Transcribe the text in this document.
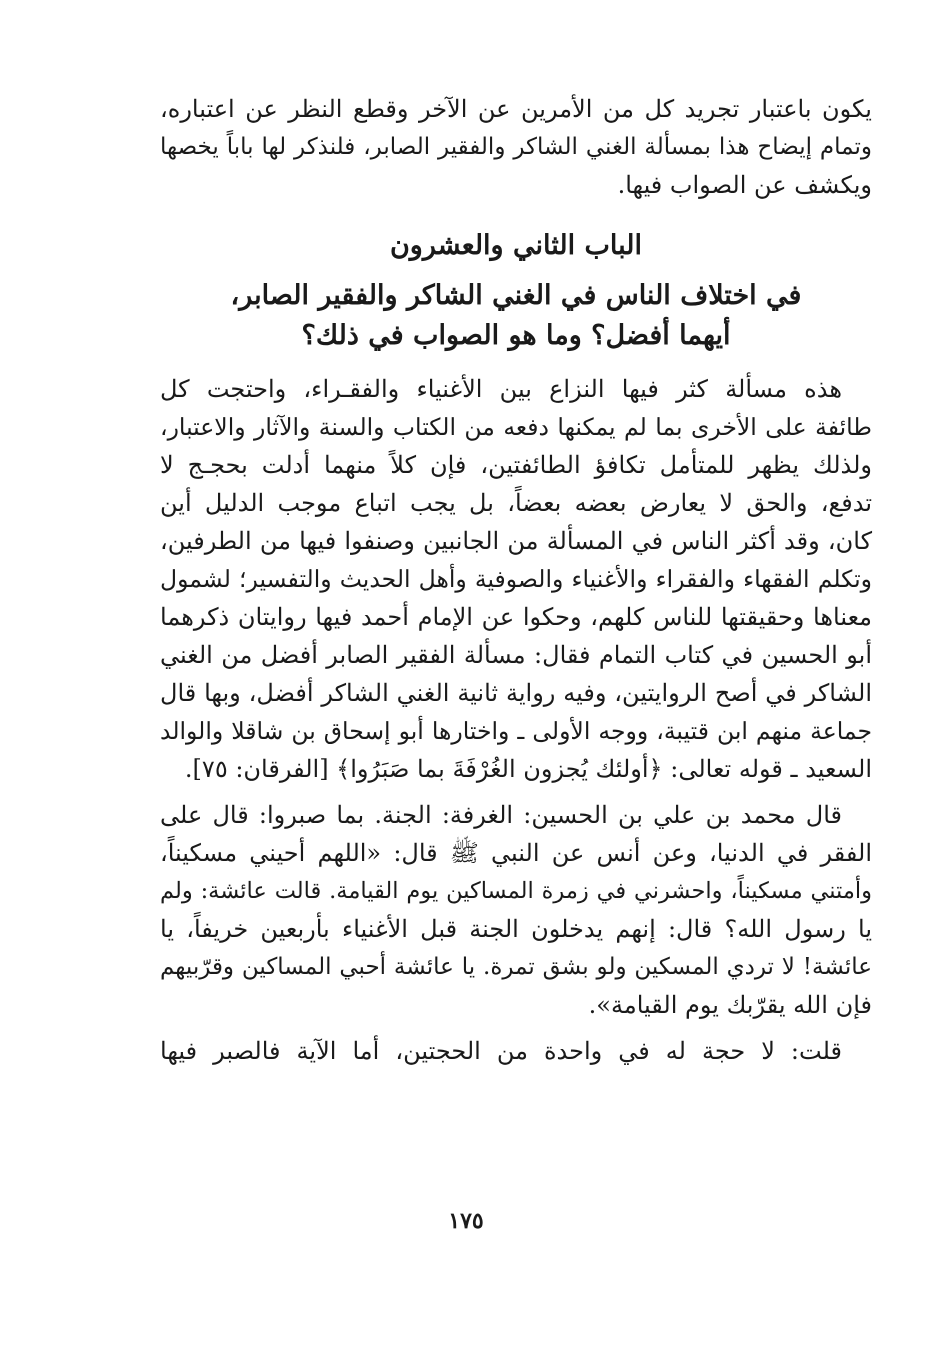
يكون باعتبار تجريد كل من الأمرين عن الآخر وقطع النظر عن اعتباره،
وتمام إيضاح هذا بمسألة الغني الشاكر والفقير الصابر، فلنذكر لها باباً يخصها
ويكشف عن الصواب فيها.
الباب الثاني والعشرون
في اختلاف الناس في الغني الشاكر والفقير الصابر،
أيهما أفضل؟ وما هو الصواب في ذلك؟
هذه مسألة كثر فيها النزاع بين الأغنياء والفقـراء، واحتجت كل
طائفة على الأخرى بما لم يمكنها دفعه من الكتاب والسنة والآثار والاعتبار،
ولذلك يظهر للمتأمل تكافؤ الطائفتين، فإن كلاً منهما أدلت بحجـج لا
تدفع، والحق لا يعارض بعضه بعضاً، بل يجب اتباع موجب الدليل أين
كان، وقد أكثر الناس في المسألة من الجانبين وصنفوا فيها من الطرفين،
وتكلم الفقهاء والفقراء والأغنياء والصوفية وأهل الحديث والتفسير؛ لشمول
معناها وحقيقتها للناس كلهم، وحكوا عن الإمام أحمد فيها روايتان ذكرهما
أبو الحسين في كتاب التمام فقال: مسألة الفقير الصابر أفضل من الغني
الشاكر في أصح الروايتين، وفيه رواية ثانية الغني الشاكر أفضل، وبها قال
جماعة منهم ابن قتيبة، ووجه الأولى ـ واختارها أبو إسحاق بن شاقلا والوالد
السعيد ـ قوله تعالى: ﴿أولئك يُجزون الغُرْفَةَ بما صَبَرُوا﴾ [الفرقان: ٧٥].
قال محمد بن علي بن الحسين: الغرفة: الجنة. بما صبروا: قال على
الفقر في الدنيا، وعن أنس عن النبي ﷺ قال: «اللهم أحيني مسكيناً،
وأمتني مسكيناً، واحشرني في زمرة المساكين يوم القيامة. قالت عائشة: ولم
يا رسول الله؟ قال: إنهم يدخلون الجنة قبل الأغنياء بأربعين خريفاً، يا
عائشة! لا تردي المسكين ولو بشق تمرة. يا عائشة أحبي المساكين وقرّبيهم
فإن الله يقرّبك يوم القيامة».
قلت: لا حجة له في واحدة من الحجتين، أما الآية فالصبر فيها
١٧٥
